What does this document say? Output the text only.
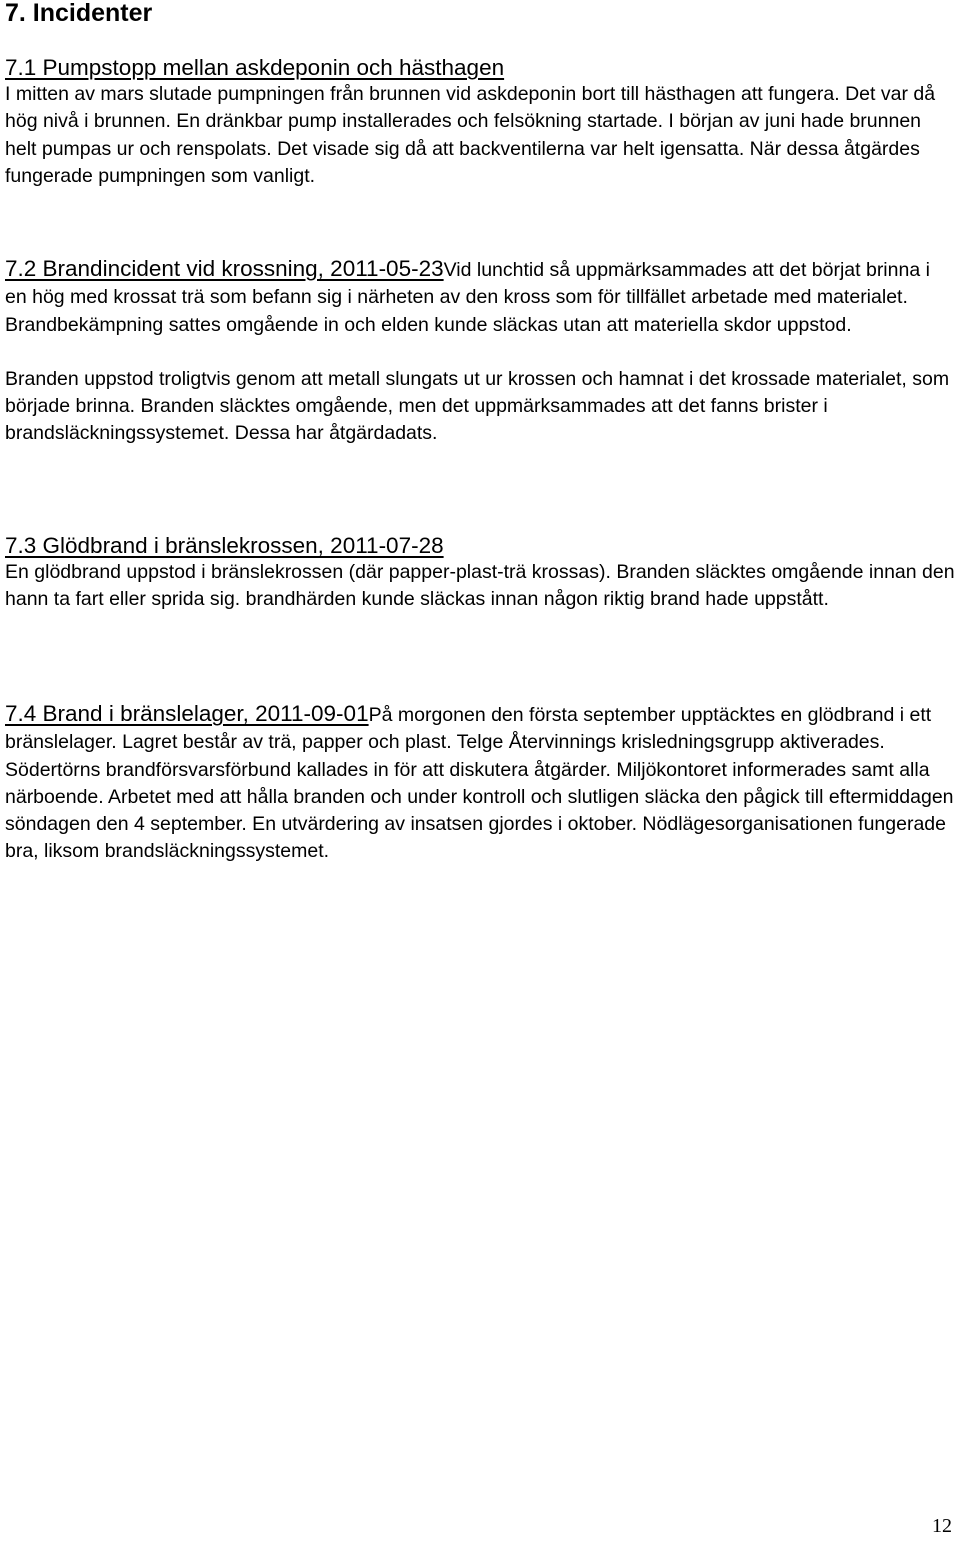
7. Incidenter
7.1 Pumpstopp mellan askdeponin och hästhagen

I mitten av mars slutade pumpningen från brunnen vid askdeponin bort till hästhagen att fungera. Det var då hög nivå i brunnen. En dränkbar pump installerades och felsökning startade. I början av juni hade brunnen helt pumpas ur och renspolats. Det visade sig då att backventilerna var helt igensatta. När dessa åtgärdes fungerade pumpningen som vanligt.

7.2 Brandincident vid krossning, 2011-05-23Vid lunchtid så uppmärksammades att det börjat brinna i en hög med krossat trä som befann sig i närheten av den kross som för tillfället arbetade med materialet. Brandbekämpning sattes omgående in och elden kunde släckas utan att materiella skdor uppstod.

Branden uppstod troligtvis genom att metall slungats ut ur krossen och hamnat i det krossade materialet, som började brinna. Branden släcktes omgående, men det uppmärksammades att det fanns brister i brandsläckningssystemet. Dessa har åtgärdadats.

7.3 Glödbrand i bränslekrossen, 2011-07-28

En glödbrand uppstod i bränslekrossen (där papper-plast-trä krossas). Branden släcktes omgående innan den hann ta fart eller sprida sig. brandhärden kunde släckas innan någon riktig brand hade uppstått.

7.4 Brand i bränslelager, 2011-09-01På morgonen den första september upptäcktes en glödbrand i ett bränslelager. Lagret består av trä, papper och plast. Telge Återvinnings krisledningsgrupp aktiverades. Södertörns brandförsvarsförbund kallades in för att diskutera åtgärder. Miljökontoret informerades samt alla närboende. Arbetet med att hålla branden och under kontroll och slutligen släcka den pågick till eftermiddagen söndagen den 4 september. En utvärdering av insatsen gjordes i oktober. Nödlägesorganisationen fungerade bra, liksom brandsläckningssystemet.

12
